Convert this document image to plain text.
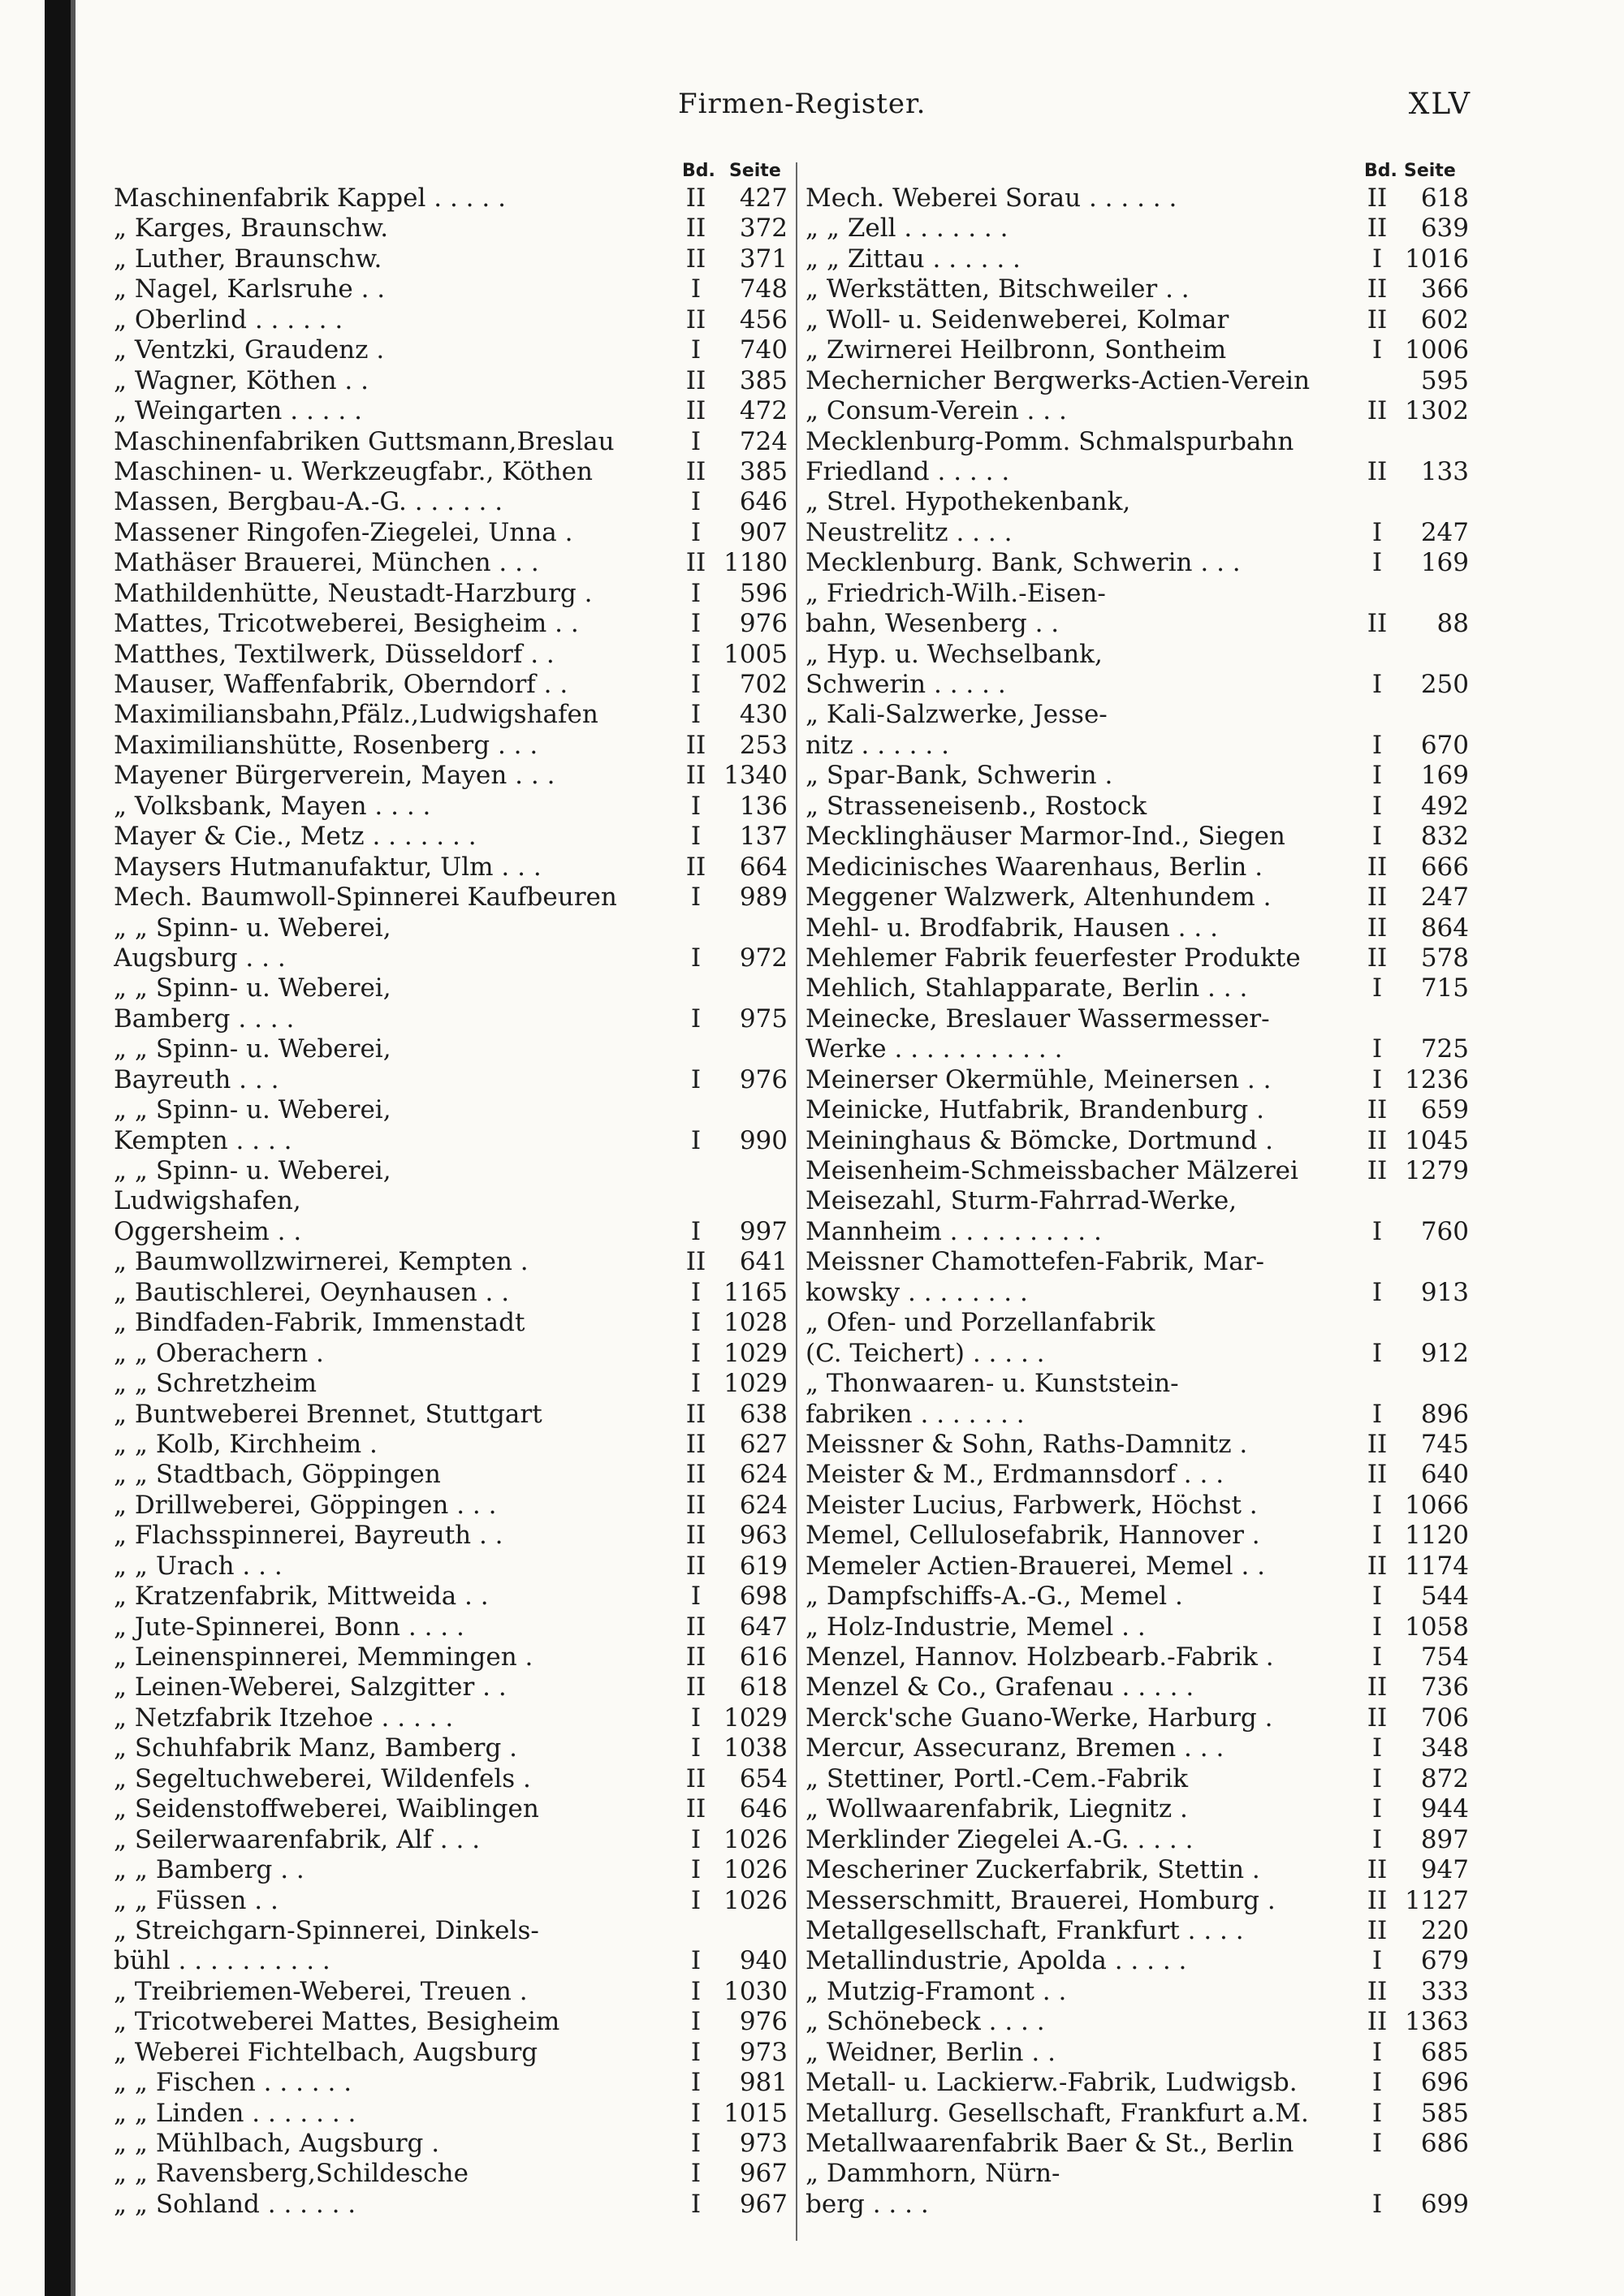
Firmen-Register.	XLV
Bd. Seite
Maschinenfabrik Kappel . . . . .	II	427
„ Karges, Braunschw.	II	372
„ Luther, Braunschw.	II	371
„ Nagel, Karlsruhe . .	I	748
„ Oberlind . . . . . .	II	456
„ Ventzki, Graudenz .	I	740
„ Wagner, Köthen . .	II	385
„ Weingarten . . . . .	II	472
Maschinenfabriken Guttsmann,Breslau	I	724
Maschinen- u. Werkzeugfabr., Köthen	II	385
Massen, Bergbau-A.-G. . . . . . .	I	646
Massener Ringofen-Ziegelei, Unna .	I	907
Mathäser Brauerei, München . . .	II 1180
Mathildenhütte, Neustadt-Harzburg .	I	596
Mattes, Tricotweberei, Besigheim . .	I	976
Matthes, Textilwerk, Düsseldorf . .	I 1005
Mauser, Waffenfabrik, Oberndorf . .	I	702
Maximiliansbahn,Pfälz.,Ludwigshafen	I	430
Maximilianshütte, Rosenberg . . .	II	253
Mayener Bürgerverein, Mayen . . .	II 1340
„ Volksbank, Mayen . . . .	I	136
Mayer & Cie., Metz . . . . . . .	I	137
Maysers Hutmanufaktur, Ulm . . .	II	664
Mech. Baumwoll-Spinnerei Kaufbeuren	I	989
„ „ Spinn- u. Weberei,
Augsburg . . .	I	972
„ „ Spinn- u. Weberei,
Bamberg . . . .	I	975
„ „ Spinn- u. Weberei,
Bayreuth . . .	I	976
„ „ Spinn- u. Weberei,
Kempten . . . .	I	990
„ „ Spinn- u. Weberei,
Ludwigshafen,
Oggersheim . .	I	997
„ Baumwollzwirnerei, Kempten .	II	641
„ Bautischlerei, Oeynhausen . .	I 1165
„ Bindfaden-Fabrik, Immenstadt	I 1028
„ „ Oberachern .	I 1029
„ „ Schretzheim	I 1029
„ Buntweberei Brennet, Stuttgart	II	638
„ „ Kolb, Kirchheim .	II	627
„ „ Stadtbach, Göppingen	II	624
„ Drillweberei, Göppingen . . .	II	624
„ Flachsspinnerei, Bayreuth . .	II	963
„ „ Urach . . .	II	619
„ Kratzenfabrik, Mittweida . .	I	698
„ Jute-Spinnerei, Bonn . . . .	II	647
„ Leinenspinnerei, Memmingen .	II	616
„ Leinen-Weberei, Salzgitter . .	II	618
„ Netzfabrik Itzehoe . . . . .	I 1029
„ Schuhfabrik Manz, Bamberg .	I 1038
„ Segeltuchweberei, Wildenfels .	II	654
„ Seidenstoffweberei, Waiblingen	II	646
„ Seilerwaarenfabrik, Alf . . .	I 1026
„ „ Bamberg . .	I 1026
„ „ Füssen . .	I 1026
„ Streichgarn-Spinnerei, Dinkels-
bühl . . . . . . . . . .	I	940
„ Treibriemen-Weberei, Treuen .	I 1030
„ Tricotweberei Mattes, Besigheim	I	976
„ Weberei Fichtelbach, Augsburg	I	973
„ „ Fischen . . . . . .	I	981
„ „ Linden . . . . . . .	I 1015
„ „ Mühlbach, Augsburg .	I	973
„ „ Ravensberg,Schildesche	I	967
„ „ Sohland . . . . . .	I	967
Bd. Seite
Mech. Weberei Sorau . . . . . .	II	618
„ „ Zell . . . . . . .	II	639
„ „ Zittau . . . . . .	I 1016
„ Werkstätten, Bitschweiler . .	II	366
„ Woll- u. Seidenweberei, Kolmar	II	602
„ Zwirnerei Heilbronn, Sontheim	I 1006
Mechernicher Bergwerks-Actien-Verein	595
„ Consum-Verein . . .	II 1302
Mecklenburg-Pomm. Schmalspurbahn
Friedland . . . . .	II	133
„ Strel. Hypothekenbank,
Neustrelitz . . . .	I	247
Mecklenburg. Bank, Schwerin . . .	I	169
„ Friedrich-Wilh.-Eisen-
bahn, Wesenberg . .	II	88
„ Hyp. u. Wechselbank,
Schwerin . . . . .	I	250
„ Kali-Salzwerke, Jesse-
nitz . . . . . .	I	670
„ Spar-Bank, Schwerin .	I	169
„ Strasseneisenb., Rostock	I	492
Mecklinghäuser Marmor-Ind., Siegen	I	832
Medicinisches Waarenhaus, Berlin .	II	666
Meggener Walzwerk, Altenhundem .	II	247
Mehl- u. Brodfabrik, Hausen . . .	II	864
Mehlemer Fabrik feuerfester Produkte	II	578
Mehlich, Stahlapparate, Berlin . . .	I	715
Meinecke, Breslauer Wassermesser-
Werke . . . . . . . . . . .	I	725
Meinerser Okermühle, Meinersen . .	I 1236
Meinicke, Hutfabrik, Brandenburg .	II	659
Meininghaus & Bömcke, Dortmund .	II 1045
Meisenheim-Schmeissbacher Mälzerei	II 1279
Meisezahl, Sturm-Fahrrad-Werke,
Mannheim . . . . . . . . . .	I	760
Meissner Chamottefen-Fabrik, Mar-
kowsky . . . . . . . .	I	913
„ Ofen- und Porzellanfabrik
(C. Teichert) . . . . .	I	912
„ Thonwaaren- u. Kunststein-
fabriken . . . . . . .	I	896
Meissner & Sohn, Raths-Damnitz .	II	745
Meister & M., Erdmannsdorf . . .	II	640
Meister Lucius, Farbwerk, Höchst .	I 1066
Memel, Cellulosefabrik, Hannover .	I 1120
Memeler Actien-Brauerei, Memel . .	II 1174
„ Dampfschiffs-A.-G., Memel .	I	544
„ Holz-Industrie, Memel . .	I 1058
Menzel, Hannov. Holzbearb.-Fabrik .	I	754
Menzel & Co., Grafenau . . . . .	II	736
Merck'sche Guano-Werke, Harburg .	II	706
Mercur, Assecuranz, Bremen . . .	I	348
„ Stettiner, Portl.-Cem.-Fabrik	I	872
„ Wollwaarenfabrik, Liegnitz .	I	944
Merklinder Ziegelei A.-G. . . . .	I	897
Mescheriner Zuckerfabrik, Stettin .	II	947
Messerschmitt, Brauerei, Homburg .	II 1127
Metallgesellschaft, Frankfurt . . . .	II	220
Metallindustrie, Apolda . . . . .	I	679
„ Mutzig-Framont . .	II	333
„ Schönebeck . . . .	II 1363
„ Weidner, Berlin . .	I	685
Metall- u. Lackierw.-Fabrik, Ludwigsb.	I	696
Metallurg. Gesellschaft, Frankfurt a.M.	I	585
Metallwaarenfabrik Baer & St., Berlin	I	686
„ Dammhorn, Nürn-
berg . . . .	I	699
